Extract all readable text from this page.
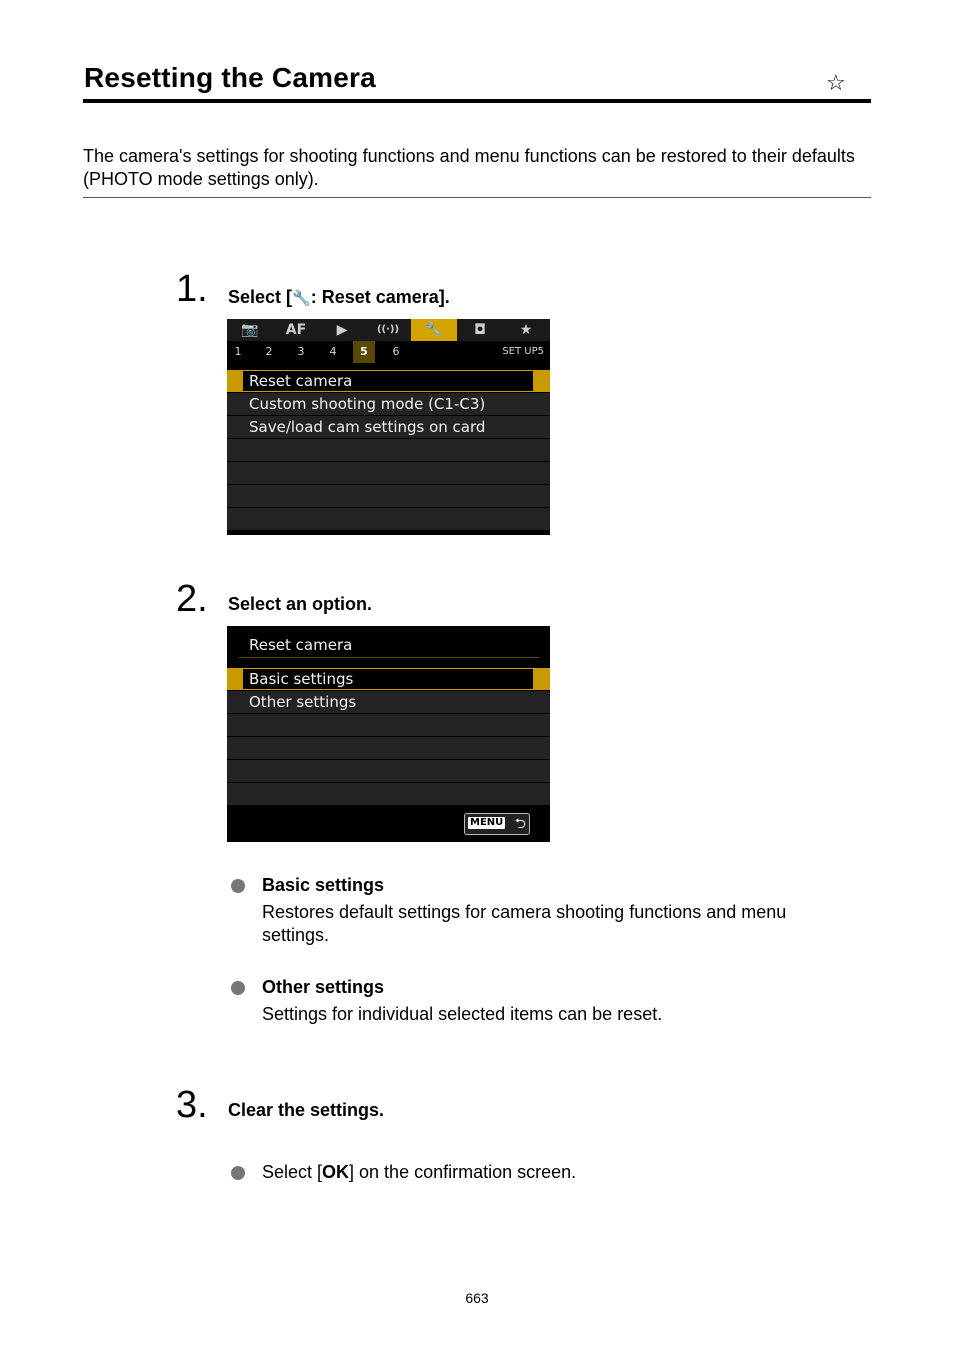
Resetting the Camera	☆
The camera's settings for shooting functions and menu functions can be restored to their defaults (PHOTO mode settings only).
1. Select [🔧: Reset camera].
📷	AF	▶	((·))	🔧	◘	★
1	2	3	4	5	6	SET UP5
Reset camera
Custom shooting mode (C1-C3)
Save/load cam settings on card
2. Select an option.
Reset camera
Basic settings
Other settings
MENU ⮌
Basic settings
Restores default settings for camera shooting functions and menu settings.
Other settings
Settings for individual selected items can be reset.
3. Clear the settings.
Select [OK] on the confirmation screen.
663
